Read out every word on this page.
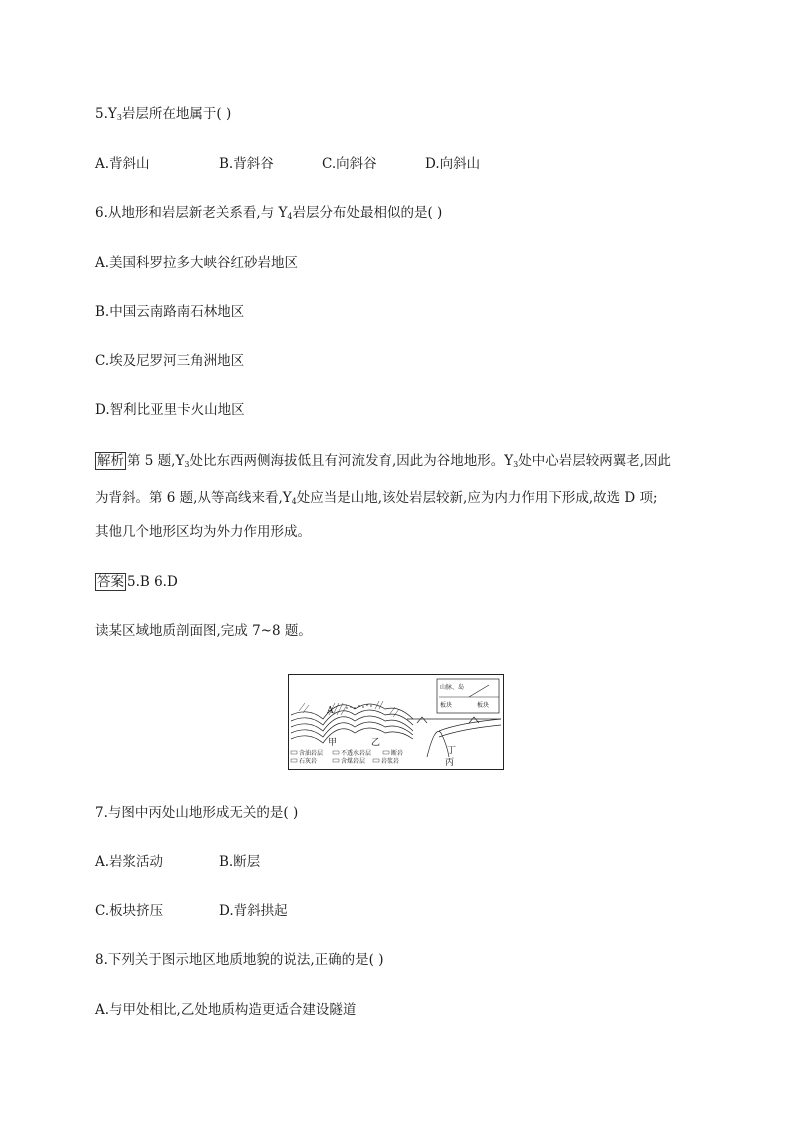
$5.Y_3$岩层所在地属于( )
A.背斜山	B.背斜谷	C.向斜谷	D.向斜山
6.从地形和岩层新老关系看,与 $Y_4$岩层分布处最相似的是( )
A.美国科罗拉多大峡谷红砂岩地区
B.中国云南路南石林地区
C.埃及尼罗河三角洲地区
D.智利比亚里卡火山地区
解析 第 5 题$,Y_3$处比东西两侧海拔低且有河流发育,因此为谷地地形。$Y_3$处中心岩层较两翼老,因此
为背斜。第 6 题,从等高线来看$,Y_4$处应当是山地,该处岩层较新,应为内力作用下形成,故选 D 项;
其他几个地形区均为外力作用形成。
答案 5.B 6.D
读某区域地质剖面图,完成 7~8 题。
山脉、岛
板块	板块
A
甲	乙
丁
丙
含油岩层	不透水岩层	断岩
石灰岩	含煤岩层	岩浆岩
7.与图中丙处山地形成无关的是( )
A.岩浆活动	B.断层
C.板块挤压	D.背斜拱起
8.下列关于图示地区地质地貌的说法,正确的是( )
A.与甲处相比,乙处地质构造更适合建设隧道
